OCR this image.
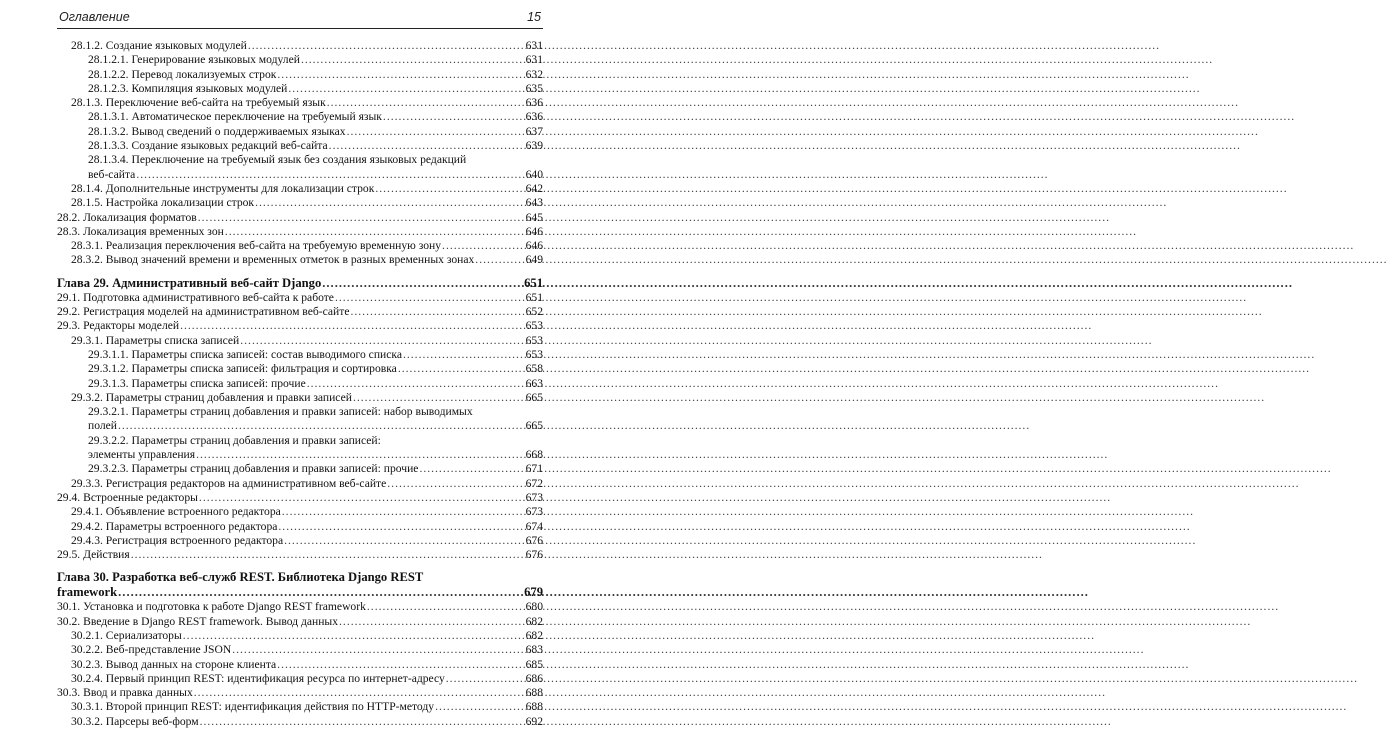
Оглавление	15
28.1.2. Создание языковых модулей .....	631
28.1.2.1. Генерирование языковых модулей .....	631
28.1.2.2. Перевод локализуемых строк .....	632
28.1.2.3. Компиляция языковых модулей .....	635
28.1.3. Переключение веб-сайта на требуемый язык .....	636
28.1.3.1. Автоматическое переключение на требуемый язык .....	636
28.1.3.2. Вывод сведений о поддерживаемых языках .....	637
28.1.3.3. Создание языковых редакций веб-сайта .....	639
28.1.3.4. Переключение на требуемый язык без создания языковых редакций
веб-сайта .....	640
28.1.4. Дополнительные инструменты для локализации строк .....	642
28.1.5. Настройка локализации строк .....	643
28.2. Локализация форматов .....	645
28.3. Локализация временных зон .....	646
28.3.1. Реализация переключения веб-сайта на требуемую временную зону .....	646
28.3.2. Вывод значений времени и временных отметок в разных временных зонах .....	649
Глава 29. Административный веб-сайт Django .....	651
29.1. Подготовка административного веб-сайта к работе .....	651
29.2. Регистрация моделей на административном веб-сайте .....	652
29.3. Редакторы моделей .....	653
29.3.1. Параметры списка записей .....	653
29.3.1.1. Параметры списка записей: состав выводимого списка .....	653
29.3.1.2. Параметры списка записей: фильтрация и сортировка .....	658
29.3.1.3. Параметры списка записей: прочие .....	663
29.3.2. Параметры страниц добавления и правки записей .....	665
29.3.2.1. Параметры страниц добавления и правки записей: набор выводимых
полей .....	665
29.3.2.2. Параметры страниц добавления и правки записей:
элементы управления .....	668
29.3.2.3. Параметры страниц добавления и правки записей: прочие .....	671
29.3.3. Регистрация редакторов на административном веб-сайте .....	672
29.4. Встроенные редакторы .....	673
29.4.1. Объявление встроенного редактора .....	673
29.4.2. Параметры встроенного редактора .....	674
29.4.3. Регистрация встроенного редактора .....	676
29.5. Действия .....	676
Глава 30. Разработка веб-служб REST. Библиотека Django REST
framework .....	679
30.1. Установка и подготовка к работе Django REST framework .....	680
30.2. Введение в Django REST framework. Вывод данных .....	682
30.2.1. Сериализаторы .....	682
30.2.2. Веб-представление JSON .....	683
30.2.3. Вывод данных на стороне клиента .....	685
30.2.4. Первый принцип REST: идентификация ресурса по интернет-адресу .....	686
30.3. Ввод и правка данных .....	688
30.3.1. Второй принцип REST: идентификация действия по HTTP-методу .....	688
30.3.2. Парсеры веб-форм .....	692
